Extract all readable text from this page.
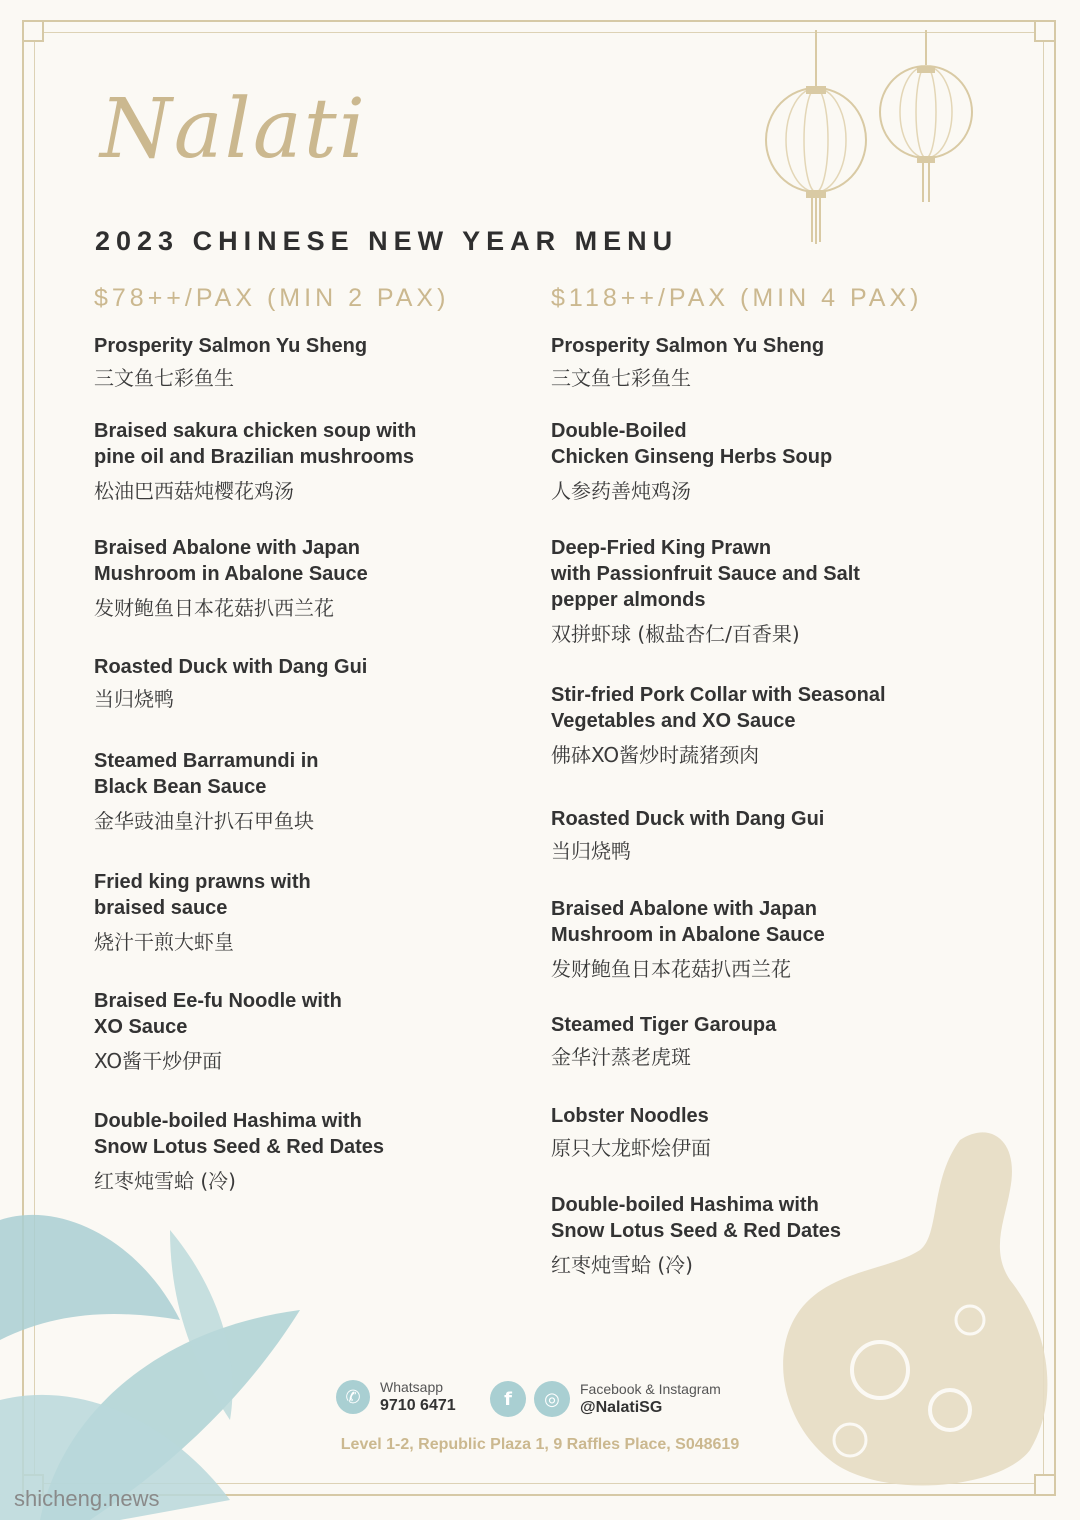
Nalati
2023 CHINESE NEW YEAR MENU
$78++/PAX (MIN 2 PAX)
Prosperity Salmon Yu Sheng
三文鱼七彩鱼生
Braised sakura chicken soup with
pine oil and Brazilian mushrooms
松油巴西菇炖樱花鸡汤
Braised Abalone with Japan
Mushroom in Abalone Sauce
发财鲍鱼日本花菇扒西兰花
Roasted Duck with Dang Gui
当归烧鸭
Steamed Barramundi in
Black Bean Sauce
金华豉油皇汁扒石甲鱼块
Fried king prawns with
braised sauce
烧汁干煎大虾皇
Braised Ee-fu Noodle with
XO Sauce
XO酱干炒伊面
Double-boiled Hashima with
Snow Lotus Seed & Red Dates
红枣炖雪蛤 (冷)
$118++/PAX (MIN 4 PAX)
Prosperity Salmon Yu Sheng
三文鱼七彩鱼生
Double-Boiled
Chicken Ginseng Herbs Soup
人参药善炖鸡汤
Deep-Fried King Prawn
with Passionfruit Sauce and Salt
pepper almonds
双拼虾球 (椒盐杏仁/百香果)
Stir-fried Pork Collar with Seasonal
Vegetables and XO Sauce
佛砵XO酱炒时蔬猪颈肉
Roasted Duck with Dang Gui
当归烧鸭
Braised Abalone with Japan
Mushroom in Abalone Sauce
发财鲍鱼日本花菇扒西兰花
Steamed Tiger Garoupa
金华汁蒸老虎斑
Lobster Noodles
原只大龙虾烩伊面
Double-boiled Hashima with
Snow Lotus Seed & Red Dates
红枣炖雪蛤 (冷)
✆	Whatsapp
9710 6471	f	◎	Facebook & Instagram
@NalatiSG
Level 1-2, Republic Plaza 1, 9 Raffles Place, S048619
shicheng.news
